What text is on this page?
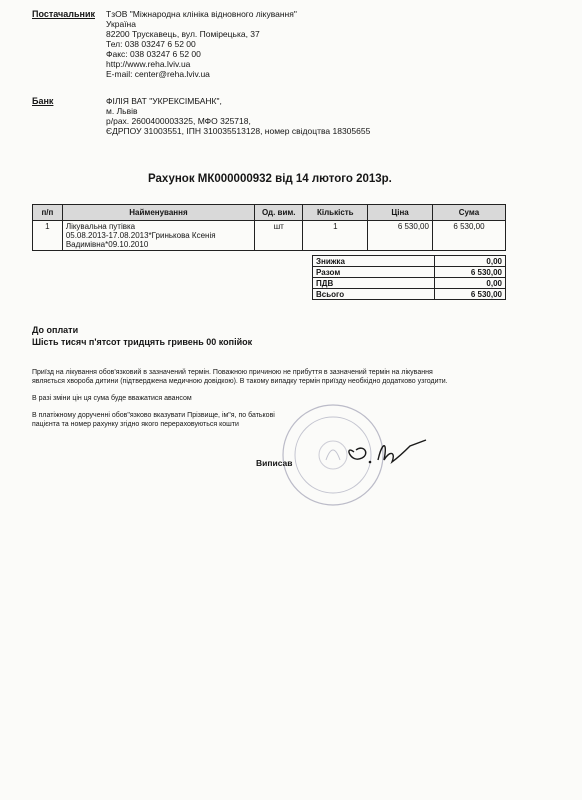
Постачальник ТзОВ "Міжнародна клініка відновного лікування"
Україна
82200 Трускавець, вул. Помірецька, 37
Тел: 038 03247 6 52 00
Факс: 038 03247 6 52 00
http://www.reha.lviv.ua
E-mail: center@reha.lviv.ua
Банк	ФІЛІЯ ВАТ "УКРЕКСІМБАНК",
м. Львів
р/рах. 2600400003325, МФО 325718,
ЄДРПОУ 31003551, ІПН 310035513128, номер свідоцтва 18305655
Рахунок МК000000932 від 14 лютого 2013р.
п/п	Найменування	Од. вим.	Кількість	Ціна	Сума
1	Лікувальна путівка
05.08.2013-17.08.2013*Гринькова Ксенія
Вадимівна*09.10.2010	шт	1	6 530,00	6 530,00
Знижка	0,00
Разом	6 530,00
ПДВ	0,00
Всього	6 530,00
До оплати
Шість тисяч п'ятсот тридцять гривень 00 копійок
Приїзд на лікування обов'язковий в зазначений термін. Поважною причиною не прибуття в зазначений термін на лікування
являється хвороба дитини (підтверджена медичною довідкою). В такому випадку термін приїзду необхідно додатково узгодити.
В разі зміни цін ця сума буде вважатися авансом
В платіжному дорученні обов"язково вказувати Прізвище, ім"я, по батькові
пацієнта та номер рахунку згідно якого перераховуються кошти
Виписав
